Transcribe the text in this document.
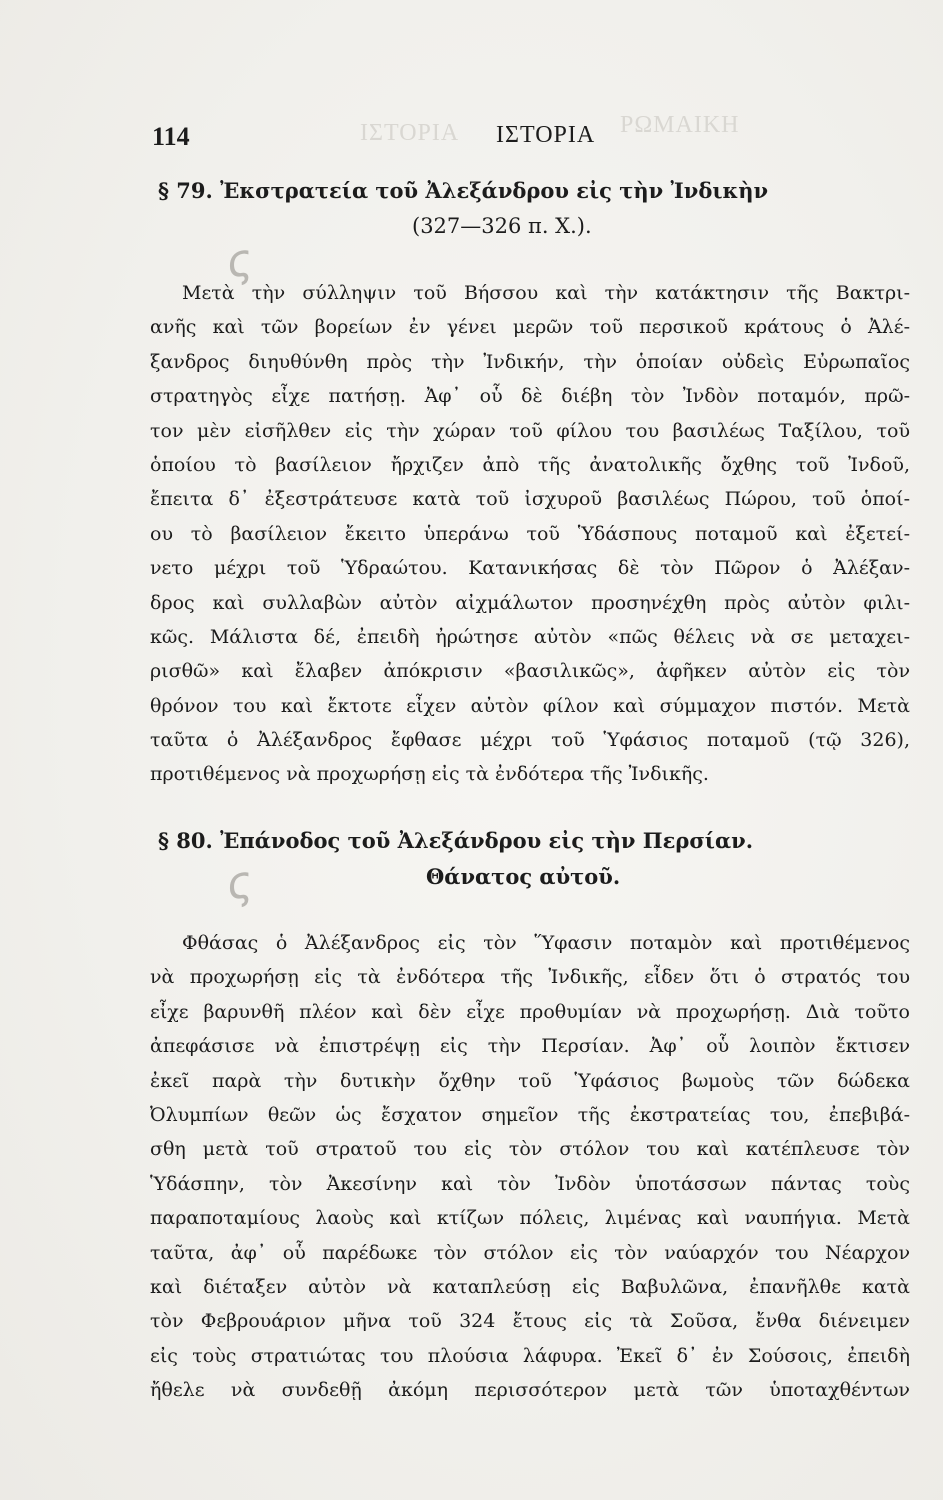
ΙΣΤΟΡΙΑ	ΡΩΜΑΙΚΗ
114	ΙΣΤΟΡΙΑ
§ 79. Ἐκστρατεία τοῦ Ἀλεξάνδρου εἰς τὴν Ἰνδικὴν
(327—326 π. Χ.).
ς
Μετὰ τὴν σύλληψιν τοῦ Βήσσου καὶ τὴν κατάκτησιν τῆς Βακτρι-
ανῆς καὶ τῶν βορείων ἐν γένει μερῶν τοῦ περσικοῦ κράτους ὁ Ἀλέ-
ξανδρος διηυθύνθη πρὸς τὴν Ἰνδικήν, τὴν ὁποίαν οὐδεὶς Εὐρωπαῖος
στρατηγὸς εἶχε πατήσῃ. Ἀφ᾽ οὗ δὲ διέβη τὸν Ἰνδὸν ποταμόν, πρῶ-
τον μὲν εἰσῆλθεν εἰς τὴν χώραν τοῦ φίλου του βασιλέως Ταξίλου, τοῦ
ὁποίου τὸ βασίλειον ἤρχιζεν ἀπὸ τῆς ἀνατολικῆς ὄχθης τοῦ Ἰνδοῦ,
ἔπειτα δ᾽ ἐξεστράτευσε κατὰ τοῦ ἰσχυροῦ βασιλέως Πώρου, τοῦ ὁποί-
ου τὸ βασίλειον ἔκειτο ὑπεράνω τοῦ Ὑδάσπους ποταμοῦ καὶ ἐξετεί-
νετο μέχρι τοῦ Ὑδραώτου. Κατανικήσας δὲ τὸν Πῶρον ὁ Ἀλέξαν-
δρος καὶ συλλαβὼν αὐτὸν αἰχμάλωτον προσηνέχθη πρὸς αὐτὸν φιλι-
κῶς. Μάλιστα δέ, ἐπειδὴ ἠρώτησε αὐτὸν «πῶς θέλεις νὰ σε μεταχει-
ρισθῶ» καὶ ἔλαβεν ἀπόκρισιν «βασιλικῶς», ἀφῆκεν αὐτὸν εἰς τὸν
θρόνον του καὶ ἔκτοτε εἶχεν αὐτὸν φίλον καὶ σύμμαχον πιστόν. Μετὰ
ταῦτα ὁ Ἀλέξανδρος ἔφθασε μέχρι τοῦ Ὑφάσιος ποταμοῦ (τῷ 326),
προτιθέμενος νὰ προχωρήσῃ εἰς τὰ ἐνδότερα τῆς Ἰνδικῆς.
§ 80. Ἐπάνοδος τοῦ Ἀλεξάνδρου εἰς τὴν Περσίαν.
Θάνατος αὐτοῦ.
ς
Φθάσας ὁ Ἀλέξανδρος εἰς τὸν Ὕφασιν ποταμὸν καὶ προτιθέμενος
νὰ προχωρήσῃ εἰς τὰ ἐνδότερα τῆς Ἰνδικῆς, εἶδεν ὅτι ὁ στρατός του
εἶχε βαρυνθῆ πλέον καὶ δὲν εἶχε προθυμίαν νὰ προχωρήσῃ. Διὰ τοῦτο
ἀπεφάσισε νὰ ἐπιστρέψῃ εἰς τὴν Περσίαν. Ἀφ᾽ οὗ λοιπὸν ἔκτισεν
ἐκεῖ παρὰ τὴν δυτικὴν ὄχθην τοῦ Ὑφάσιος βωμοὺς τῶν δώδεκα
Ὀλυμπίων θεῶν ὡς ἔσχατον σημεῖον τῆς ἐκστρατείας του, ἐπεβιβά-
σθη μετὰ τοῦ στρατοῦ του εἰς τὸν στόλον του καὶ κατέπλευσε τὸν
Ὑδάσπην, τὸν Ἀκεσίνην καὶ τὸν Ἰνδὸν ὑποτάσσων πάντας τοὺς
παραποταμίους λαοὺς καὶ κτίζων πόλεις, λιμένας καὶ ναυπήγια. Μετὰ
ταῦτα, ἀφ᾽ οὗ παρέδωκε τὸν στόλον εἰς τὸν ναύαρχόν του Νέαρχον
καὶ διέταξεν αὐτὸν νὰ καταπλεύσῃ εἰς Βαβυλῶνα, ἐπανῆλθε κατὰ
τὸν Φεβρουάριον μῆνα τοῦ 324 ἔτους εἰς τὰ Σοῦσα, ἔνθα διένειμεν
εἰς τοὺς στρατιώτας του πλούσια λάφυρα. Ἐκεῖ δ᾽ ἐν Σούσοις, ἐπειδὴ
ἤθελε νὰ συνδεθῇ ἀκόμη περισσότερον μετὰ τῶν ὑποταχθέντων
